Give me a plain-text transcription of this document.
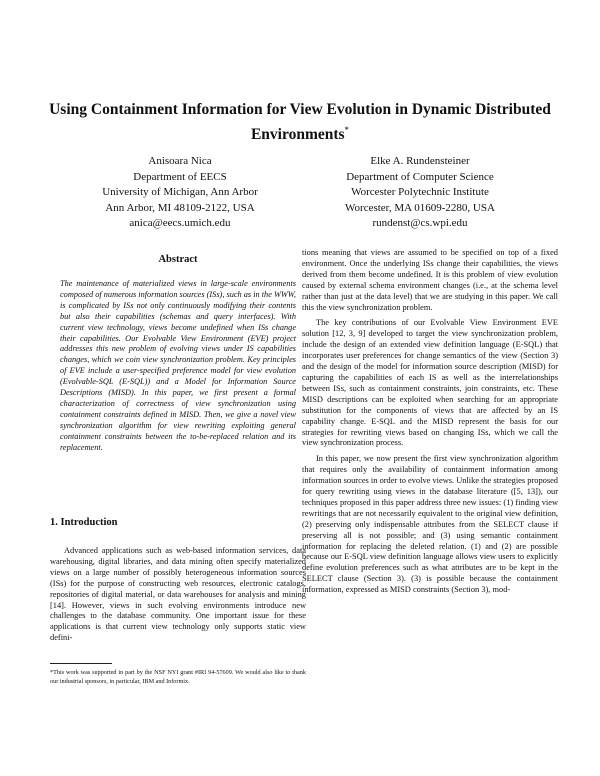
Using Containment Information for View Evolution in Dynamic Distributed Environments*
Anisoara Nica
Department of EECS
University of Michigan, Ann Arbor
Ann Arbor, MI 48109-2122, USA
anica@eecs.umich.edu
Elke A. Rundensteiner
Department of Computer Science
Worcester Polytechnic Institute
Worcester, MA 01609-2280, USA
rundenst@cs.wpi.edu
Abstract
The maintenance of materialized views in large-scale environments composed of numerous information sources (ISs), such as in the WWW, is complicated by ISs not only continuously modifying their contents but also their capabilities (schemas and query interfaces). With current view technology, views become undefined when ISs change their capabilities. Our Evolvable View Environment (EVE) project addresses this new problem of evolving views under IS capabilities changes, which we coin view synchronization problem. Key principles of EVE include a user-specified preference model for view evolution (Evolvable-SQL (E-SQL)) and a Model for Information Source Descriptions (MISD). In this paper, we first present a formal characterization of correctness of view synchronization using containment constraints defined in MISD. Then, we give a novel view synchronization algorithm for view rewriting exploiting general containment constraints between the to-be-replaced relation and its replacement.
1. Introduction

Advanced applications such as web-based information services, data warehousing, digital libraries, and data mining often specify materialized views on a large number of possibly heterogeneous information sources (ISs) for the purpose of constructing web resources, electronic catalogs, repositories of digital material, or data warehouses for analysis and mining [14]. However, views in such evolving environments introduce new challenges to the database community. One important issue for these applications is that current view technology only supports static view defini-

*This work was supported in part by the NSF NYI grant #IRI 94-57609. We would also like to thank our industrial sponsors, in particular, IBM and Informix.

tions meaning that views are assumed to be specified on top of a fixed environment. Once the underlying ISs change their capabilities, the views derived from them become undefined. It is this problem of view evolution caused by external schema environment changes (i.e., at the schema level rather than just at the data level) that we are studying in this paper. We call this the view synchronization problem.

The key contributions of our Evolvable View Environment EVE solution [12, 3, 9] developed to target the view synchronization problem, include the design of an extended view definition language (E-SQL) that incorporates user preferences for change semantics of the view (Section 3) and the design of the model for information source description (MISD) for capturing the capabilities of each IS as well as the interrelationships between ISs, such as containment constraints, join constraints, etc. These MISD descriptions can be exploited when searching for an appropriate substitution for the components of views that are affected by an IS capability change. E-SQL and the MISD represent the basis for our strategies for rewriting views based on changing ISs, which we call the view synchronization process.

In this paper, we now present the first view synchronization algorithm that requires only the availability of containment information among information sources in order to evolve views. Unlike the strategies proposed for query rewriting using views in the database literature ([5, 13]), our techniques proposed in this paper address three new issues: (1) finding view rewritings that are not necessarily equivalent to the original view definition, (2) preserving only indispensable attributes from the SELECT clause if preserving all is not possible; and (3) using semantic containment information for replacing the deleted relation. (1) and (2) are possible because our E-SQL view definition language allows view users to explicitly define evolution preferences such as what attributes are to be kept in the SELECT clause (Section 3). (3) is possible because the containment information, expressed as MISD constraints (Section 3), mod-
